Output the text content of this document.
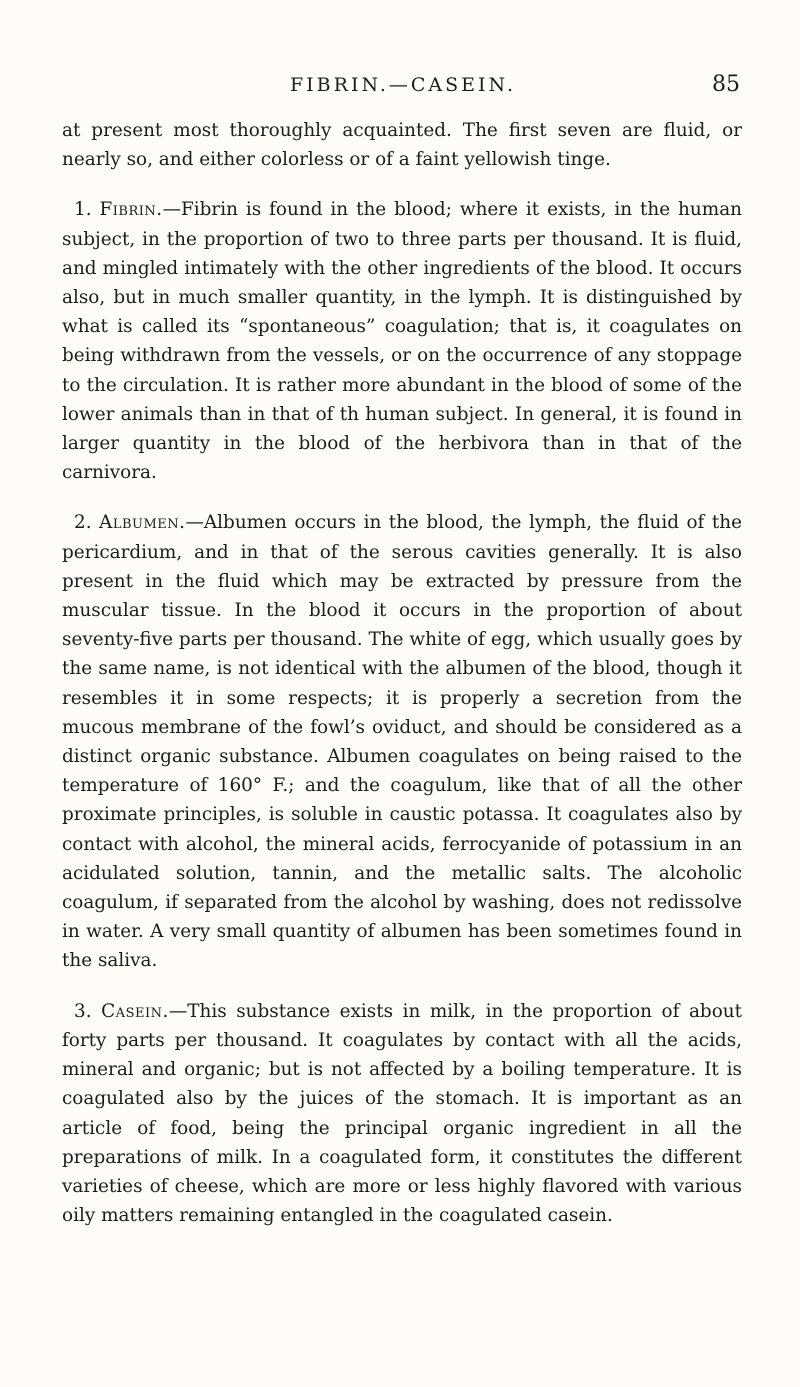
FIBRIN.—CASEIN.	85

at present most thoroughly acquainted. The first seven are fluid, or nearly so, and either colorless or of a faint yellowish tinge.

1. Fibrin.—Fibrin is found in the blood; where it exists, in the human subject, in the proportion of two to three parts per thousand. It is fluid, and mingled intimately with the other ingredients of the blood. It occurs also, but in much smaller quantity, in the lymph. It is distinguished by what is called its “spontaneous” coagulation; that is, it coagulates on being withdrawn from the vessels, or on the occurrence of any stoppage to the circulation. It is rather more abundant in the blood of some of the lower animals than in that of th human subject. In general, it is found in larger quantity in the blood of the herbivora than in that of the carnivora.

2. Albumen.—Albumen occurs in the blood, the lymph, the fluid of the pericardium, and in that of the serous cavities generally. It is also present in the fluid which may be extracted by pressure from the muscular tissue. In the blood it occurs in the proportion of about seventy-five parts per thousand. The white of egg, which usually goes by the same name, is not identical with the albumen of the blood, though it resembles it in some respects; it is properly a secretion from the mucous membrane of the fowl’s oviduct, and should be considered as a distinct organic substance. Albumen coagulates on being raised to the temperature of 160° F.; and the coagulum, like that of all the other proximate principles, is soluble in caustic potassa. It coagulates also by contact with alcohol, the mineral acids, ferrocyanide of potassium in an acidulated solution, tannin, and the metallic salts. The alcoholic coagulum, if separated from the alcohol by washing, does not redissolve in water. A very small quantity of albumen has been sometimes found in the saliva.

3. Casein.—This substance exists in milk, in the proportion of about forty parts per thousand. It coagulates by contact with all the acids, mineral and organic; but is not affected by a boiling temperature. It is coagulated also by the juices of the stomach. It is important as an article of food, being the principal organic ingredient in all the preparations of milk. In a coagulated form, it constitutes the different varieties of cheese, which are more or less highly flavored with various oily matters remaining entangled in the coagulated casein.
